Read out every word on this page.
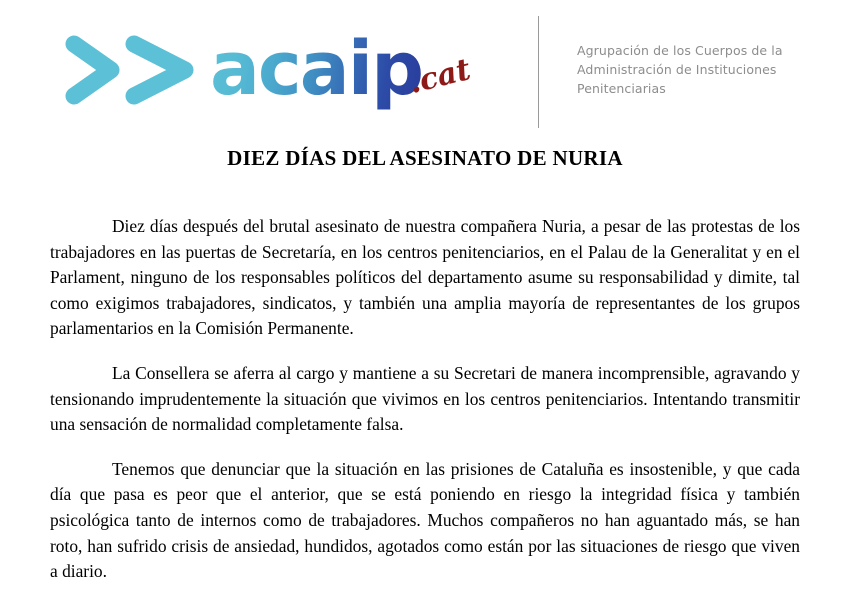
acaip
.cat
Agrupación de los Cuerpos de la
Administración de Instituciones
Penitenciarias
DIEZ DÍAS DEL ASESINATO DE NURIA

Diez días después del brutal asesinato de nuestra compañera Nuria, a pesar de las protestas de los trabajadores en las puertas de Secretaría, en los centros penitenciarios, en el Palau de la Generalitat y en el Parlament, ninguno de los responsables políticos del departamento asume su responsabilidad y dimite, tal como exigimos trabajadores, sindicatos, y también una amplia mayoría de representantes de los grupos parlamentarios en la Comisión Permanente.

La Consellera se aferra al cargo y mantiene a su Secretari de manera incomprensible, agravando y tensionando imprudentemente la situación que vivimos en los centros penitenciarios. Intentando transmitir una sensación de normalidad completamente falsa.

Tenemos que denunciar que la situación en las prisiones de Cataluña es insostenible, y que cada día que pasa es peor que el anterior, que se está poniendo en riesgo la integridad física y también psicológica tanto de internos como de trabajadores. Muchos compañeros no han aguantado más, se han roto, han sufrido crisis de ansiedad, hundidos, agotados como están por las situaciones de riesgo que viven a diario.
